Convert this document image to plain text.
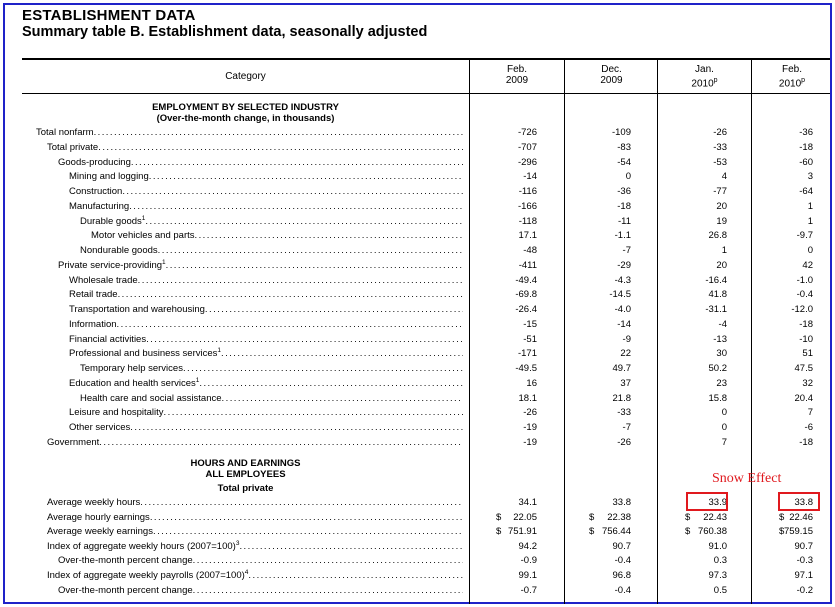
ESTABLISHMENT DATA
Summary table B. Establishment data, seasonally adjusted
Category
Feb.
2009
Dec.
2009
Jan.
2010$^p$
Feb.
2010$^p$
EMPLOYMENT BY SELECTED INDUSTRY
(Over-the-month change, in thousands)
Total nonfarm . . .	-726	-109	-26	-36
Total private . . .	-707	-83	-33	-18
Goods-producing . . .	-296	-54	-53	-60
Mining and logging . . .	-14	0	4	3
Construction . . .	-116	-36	-77	-64
Manufacturing . . .	-166	-18	20	1
Durable goods$^1$ . . .	-118	-11	19	1
Motor vehicles and parts . . .	17.1	-1.1	26.8	-9.7
Nondurable goods . . .	-48	-7	1	0
Private service-providing$^1$ . . .	-411	-29	20	42
Wholesale trade . . .	-49.4	-4.3	-16.4	-1.0
Retail trade . . .	-69.8	-14.5	41.8	-0.4
Transportation and warehousing . . .	-26.4	-4.0	-31.1	-12.0
Information . . .	-15	-14	-4	-18
Financial activities . . .	-51	-9	-13	-10
Professional and business services$^1$ . . .	-171	22	30	51
Temporary help services . . .	-49.5	49.7	50.2	47.5
Education and health services$^1$ . . .	16	37	23	32
Health care and social assistance . . .	18.1	21.8	15.8	20.4
Leisure and hospitality . . .	-26	-33	0	7
Other services . . .	-19	-7	0	-6
Government . . .	-19	-26	7	-18
HOURS AND EARNINGS
ALL EMPLOYEES
Total private
Average weekly hours . . .	34.1	33.8	33.9	33.8
Average hourly earnings . . .	$ 22.05	$ 22.38	$ 22.43	$ 22.46
Average weekly earnings . . .	$ 751.91	$ 756.44	$ 760.38	$ 759.15
Index of aggregate weekly hours (2007=100)$^3$ . . .	94.2	90.7	91.0	90.7
Over-the-month percent change . . .	-0.9	-0.4	0.3	-0.3
Index of aggregate weekly payrolls (2007=100)$^4$ . . .	99.1	96.8	97.3	97.1
Over-the-month percent change . . .	-0.7	-0.4	0.5	-0.2
Snow Effect
